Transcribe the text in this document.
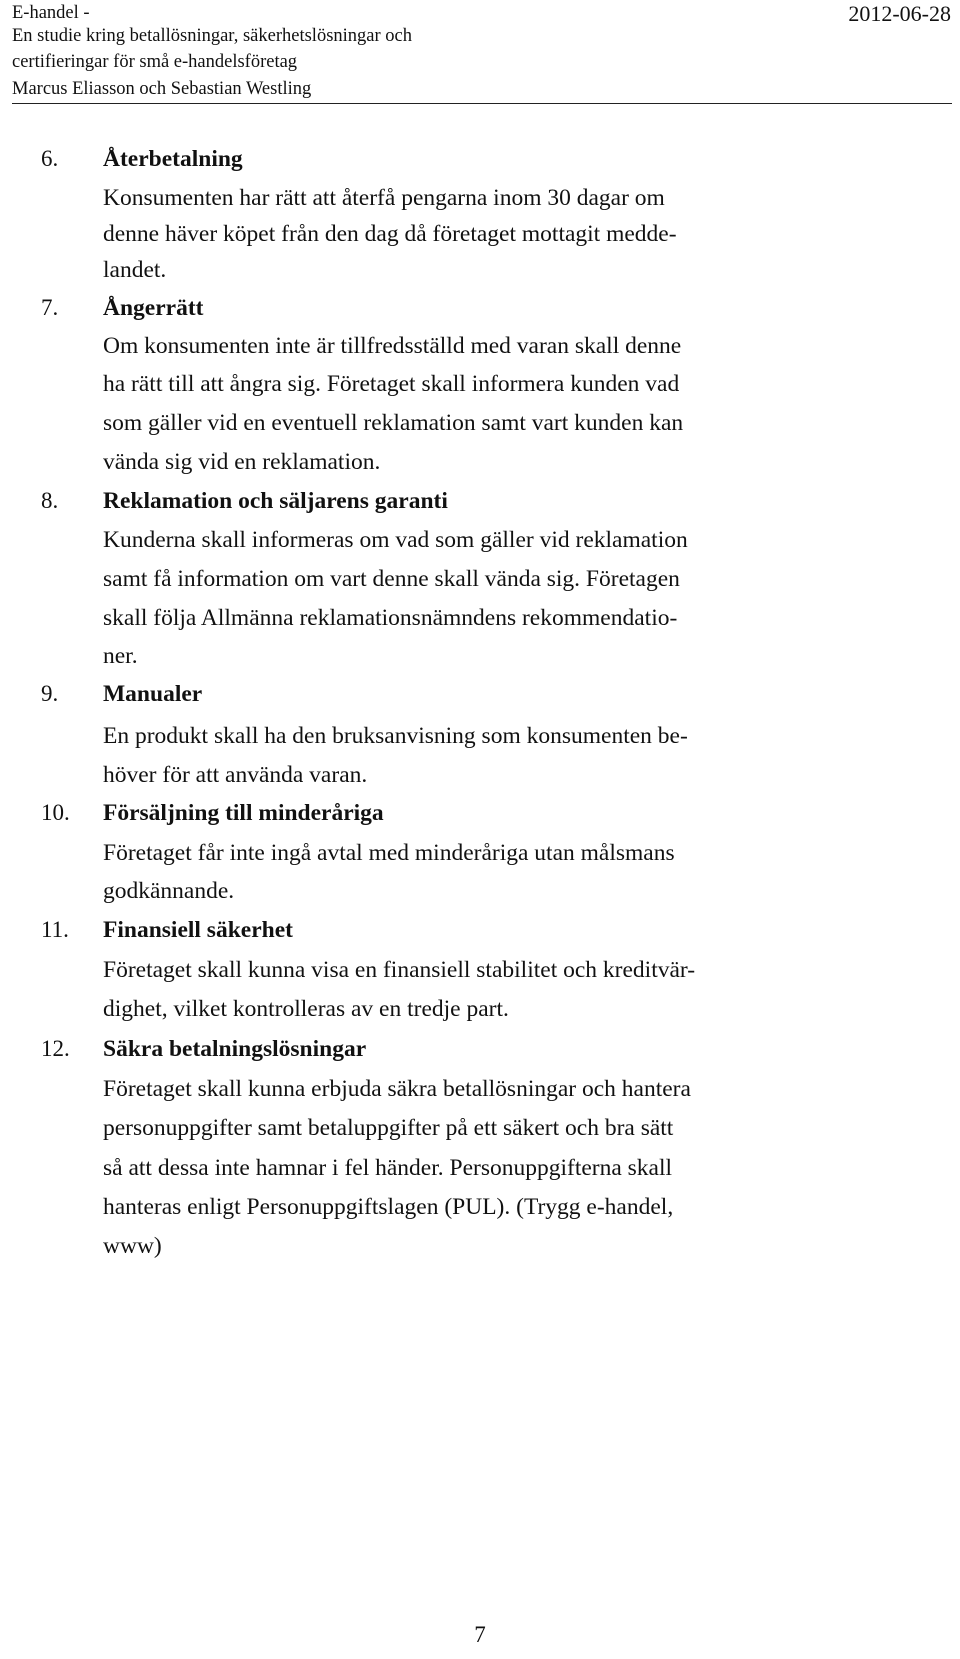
E-handel -
En studie kring betallösningar, säkerhetslösningar och
certifieringar för små e-handelsföretag
Marcus Eliasson och Sebastian Westling
2012-06-28
6. Återbetalning
Konsumenten har rätt att återfå pengarna inom 30 dagar om
denne häver köpet från den dag då företaget mottagit medde-
landet.
7. Ångerrätt
Om konsumenten inte är tillfredsställd med varan skall denne
ha rätt till att ångra sig. Företaget skall informera kunden vad
som gäller vid en eventuell reklamation samt vart kunden kan
vända sig vid en reklamation.
8. Reklamation och säljarens garanti
Kunderna skall informeras om vad som gäller vid reklamation
samt få information om vart denne skall vända sig. Företagen
skall följa Allmänna reklamationsnämndens rekommendatio-
ner.
9. Manualer
En produkt skall ha den bruksanvisning som konsumenten be-
höver för att använda varan.
10. Försäljning till minderåriga
Företaget får inte ingå avtal med minderåriga utan målsmans
godkännande.
11. Finansiell säkerhet
Företaget skall kunna visa en finansiell stabilitet och kreditvär-
dighet, vilket kontrolleras av en tredje part.
12. Säkra betalningslösningar
Företaget skall kunna erbjuda säkra betallösningar och hantera
personuppgifter samt betaluppgifter på ett säkert och bra sätt
så att dessa inte hamnar i fel händer. Personuppgifterna skall
hanteras enligt Personuppgiftslagen (PUL). (Trygg e-handel,
www)
7
